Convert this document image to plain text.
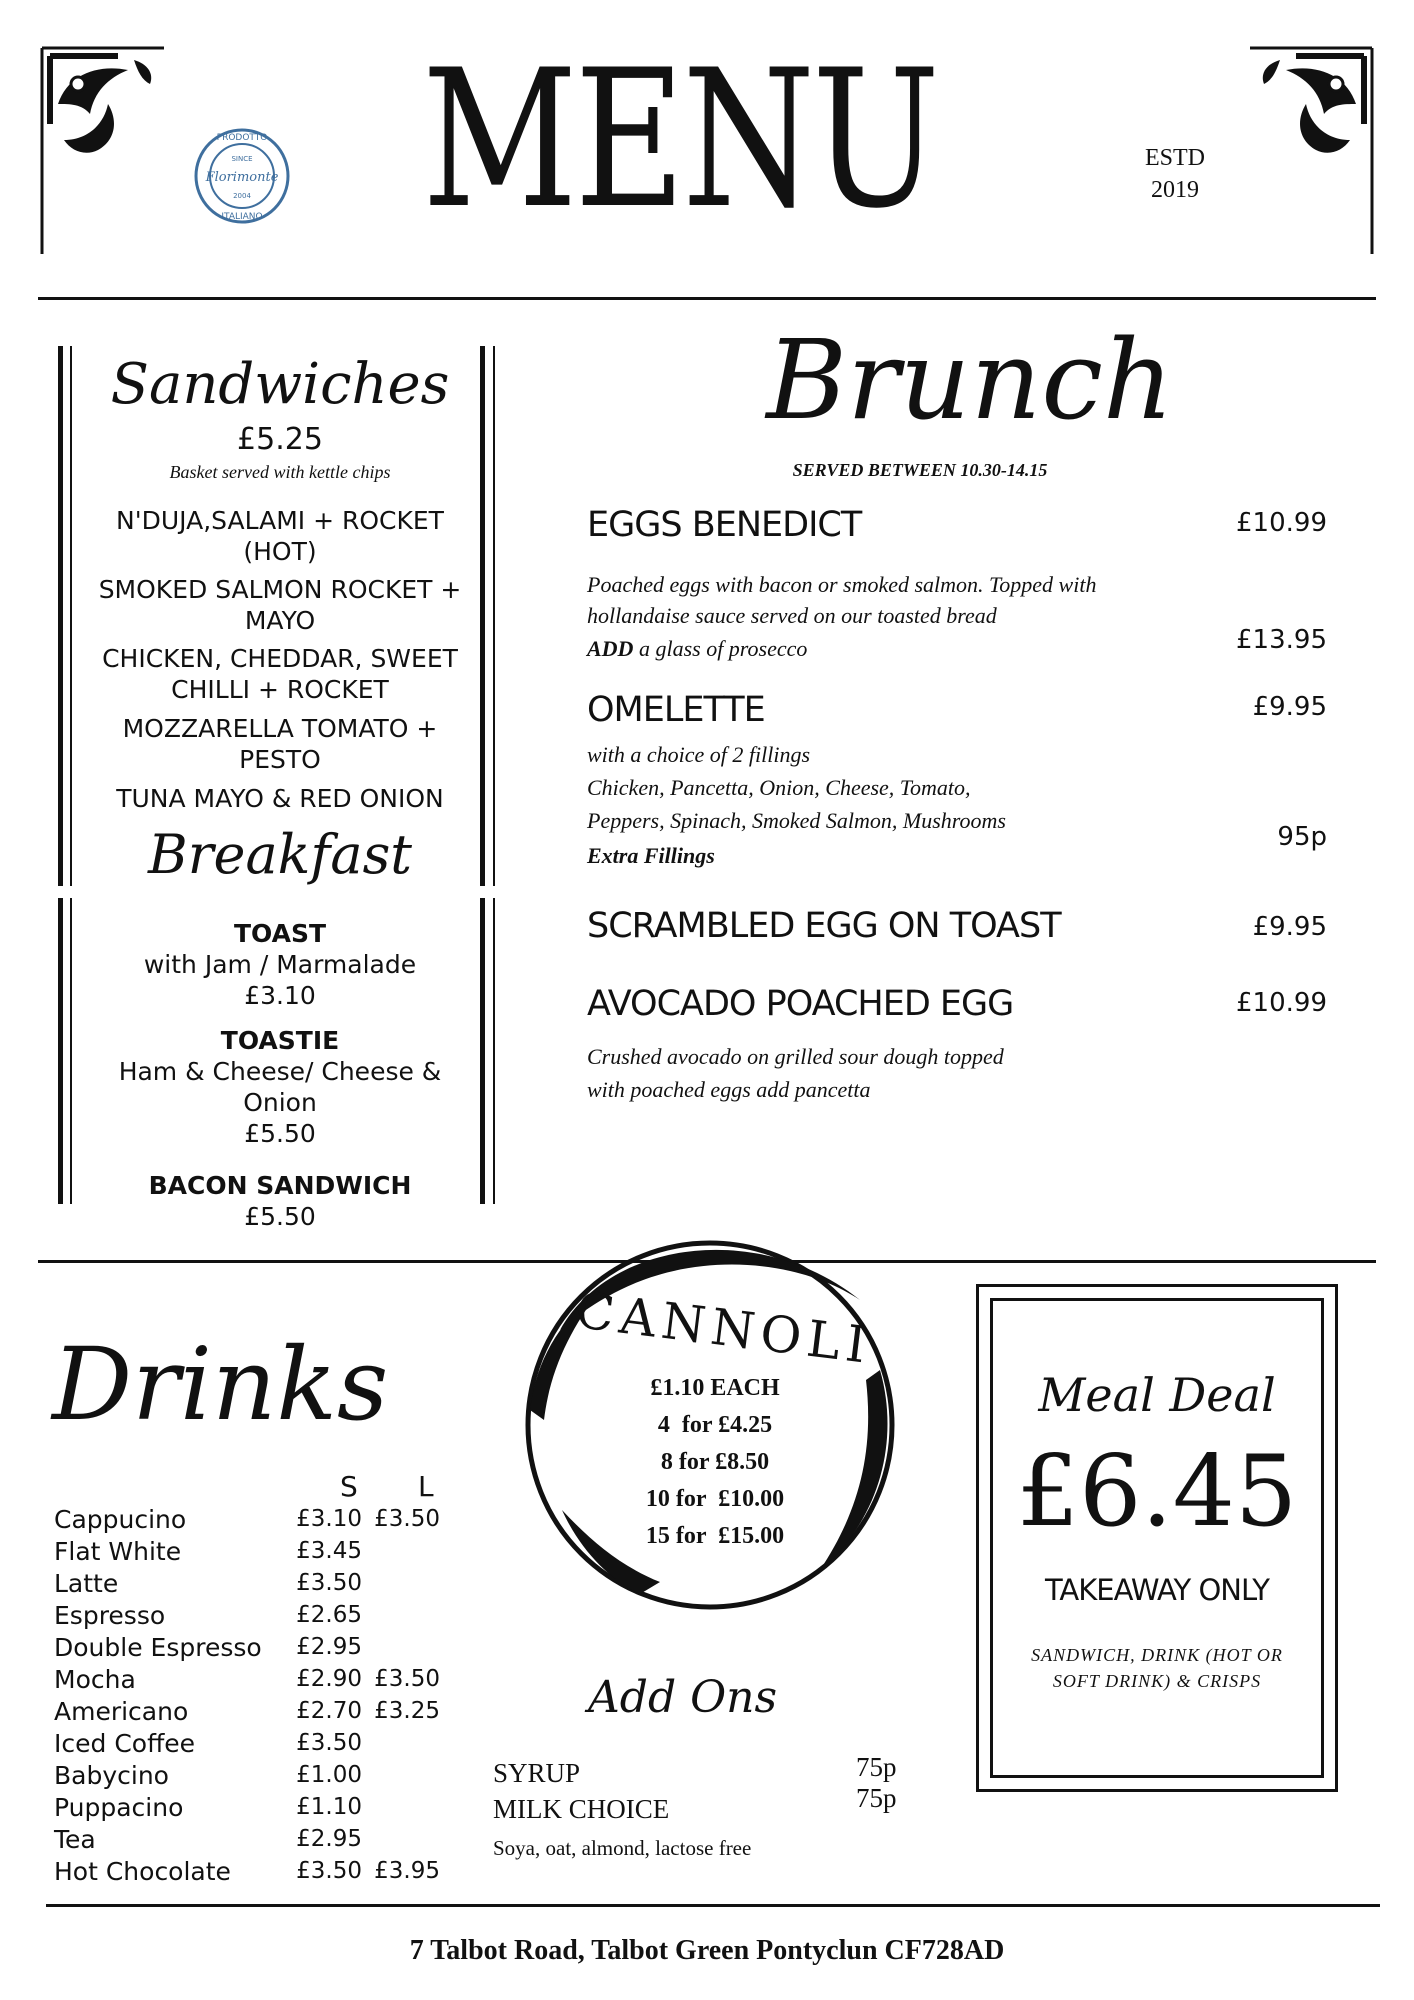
PRODOTTO
SINCE
Florimonte
2004
ITALIANO MENU	ESTD
2019
Sandwiches
£5.25
Basket served with kettle chips
N'DUJA,SALAMI + ROCKET
(HOT)
SMOKED SALMON ROCKET +
MAYO
CHICKEN, CHEDDAR, SWEET
CHILLI + ROCKET
MOZZARELLA TOMATO +
PESTO
TUNA MAYO & RED ONION
Breakfast
TOAST
with Jam / Marmalade
£3.10
TOASTIE
Ham & Cheese/ Cheese &
Onion
£5.50
BACON SANDWICH
£5.50
Brunch
SERVED BETWEEN 10.30-14.15
EGGS BENEDICT	£10.99
Poached eggs with bacon or smoked salmon. Topped with
hollandaise sauce served on our toasted bread
ADD a glass of prosecco	£13.95
OMELETTE	£9.95
with a choice of 2 fillings
Chicken, Pancetta, Onion, Cheese, Tomato,
Peppers, Spinach, Smoked Salmon, Mushrooms
Extra Fillings
95p
SCRAMBLED EGG ON TOAST	£9.95
AVOCADO POACHED EGG	£10.99
Crushed avocado on grilled sour dough topped
with poached eggs add pancetta
Drinks
S L
Cappucino	£3.10 £3.50
Flat White	£3.45
Latte	£3.50
Espresso	£2.65
Double Espresso	£2.95
Mocha	£2.90 £3.50
Americano	£2.70 £3.25
Iced Coffee	£3.50
Babycino	£1.00
Puppacino	£1.10
Tea	£2.95
Hot Chocolate	£3.50 £3.95
CANNOLI
£1.10 EACH
4  for £4.25
8 for £8.50
10 for  £10.00
15 for  £15.00
Add Ons
SYRUP	75p
MILK CHOICE	75p
Soya, oat, almond, lactose free
Meal Deal
£6.45
TAKEAWAY ONLY
SANDWICH, DRINK (HOT OR
SOFT DRINK) & CRISPS
7 Talbot Road, Talbot Green Pontyclun CF728AD
